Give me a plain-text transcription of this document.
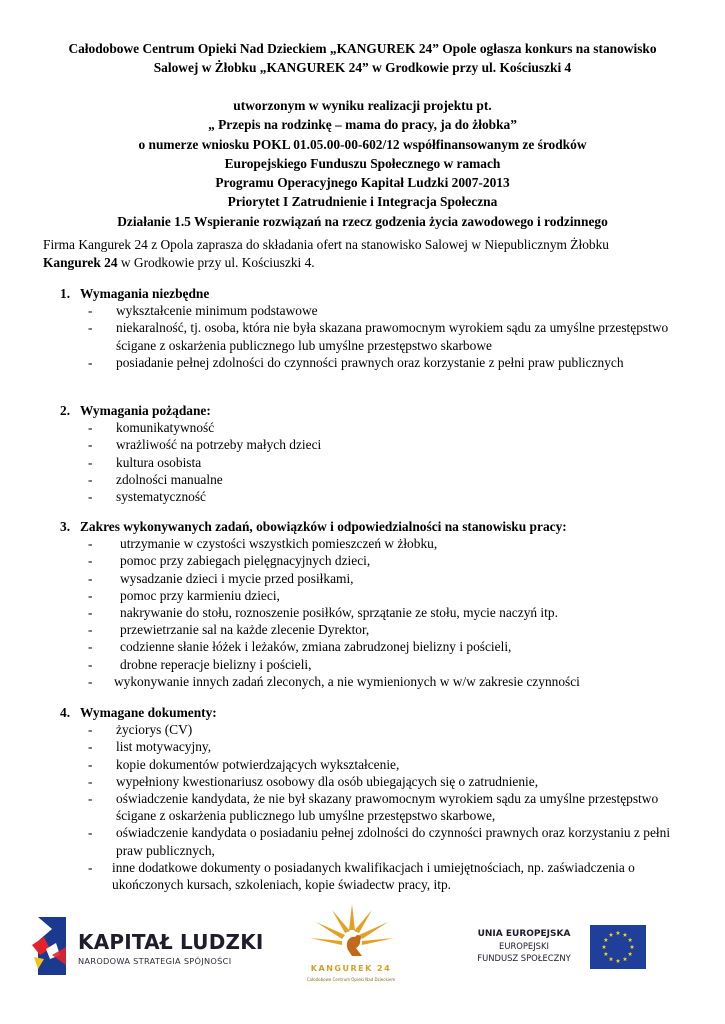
Całodobowe Centrum Opieki Nad Dzieckiem „KANGUREK 24” Opole ogłasza konkurs na stanowisko

Salowej w Żłobku „KANGUREK 24” w Grodkowie przy ul. Kościuszki 4

utworzonym w wyniku realizacji projektu pt.

„ Przepis na rodzinkę – mama do pracy, ja do żłobka”

o numerze wniosku POKL 01.05.00-00-602/12 współfinansowanym ze środków

Europejskiego Funduszu Społecznego w ramach

Programu Operacyjnego Kapitał Ludzki 2007-2013

Priorytet I Zatrudnienie i Integracja Społeczna

Działanie 1.5 Wspieranie rozwiązań na rzecz godzenia życia zawodowego i rodzinnego

Firma Kangurek 24 z Opola zaprasza do składania ofert na stanowisko Salowej w Niepublicznym Żłobku
Kangurek 24 w Grodkowie przy ul. Kościuszki 4.

1. Wymagania niezbędne

- wykształcenie minimum podstawowe
- niekaralność, tj. osoba, która nie była skazana prawomocnym wyrokiem sądu za umyślne przestępstwo ścigane z oskarżenia publicznego lub umyślne przestępstwo skarbowe
- posiadanie pełnej zdolności do czynności prawnych oraz korzystanie z pełni praw publicznych

2. Wymagania pożądane:

- komunikatywność
- wrażliwość na potrzeby małych dzieci
- kultura osobista
- zdolności manualne
- systematyczność

3. Zakres wykonywanych zadań, obowiązków i odpowiedzialności na stanowisku pracy:

- utrzymanie w czystości wszystkich pomieszczeń w żłobku,
- pomoc przy zabiegach pielęgnacyjnych dzieci,
- wysadzanie dzieci i mycie przed posiłkami,
- pomoc przy karmieniu dzieci,
- nakrywanie do stołu, roznoszenie posiłków, sprzątanie ze stołu, mycie naczyń itp.
- przewietrzanie sal na każde zlecenie Dyrektor,
- codzienne słanie łóżek i leżaków, zmiana zabrudzonej bielizny i pościeli,
- drobne reperacje bielizny i pościeli,
- wykonywanie innych zadań zleconych, a nie wymienionych w w/w zakresie czynności

4. Wymagane dokumenty:

- życiorys (CV)
- list motywacyjny,
- kopie dokumentów potwierdzających wykształcenie,
- wypełniony kwestionariusz osobowy dla osób ubiegających się o zatrudnienie,
- oświadczenie kandydata, że nie był skazany prawomocnym wyrokiem sądu za umyślne przestępstwo ścigane z oskarżenia publicznego lub umyślne przestępstwo skarbowe,
- oświadczenie kandydata o posiadaniu pełnej zdolności do czynności prawnych oraz korzystaniu z pełni praw publicznych,
- inne dodatkowe dokumenty o posiadanych kwalifikacjach i umiejętnościach, np. zaświadczenia o ukończonych kursach, szkoleniach, kopie świadectw pracy, itp.
KAPITAŁ LUDZKI
NARODOWA STRATEGIA SPÓJNOŚCI
KANGUREK 24
Całodobowe Centrum Opieki Nad Dzieckiem
UNIA EUROPEJSKA
EUROPEJSKI
FUNDUSZ SPOŁECZNY
